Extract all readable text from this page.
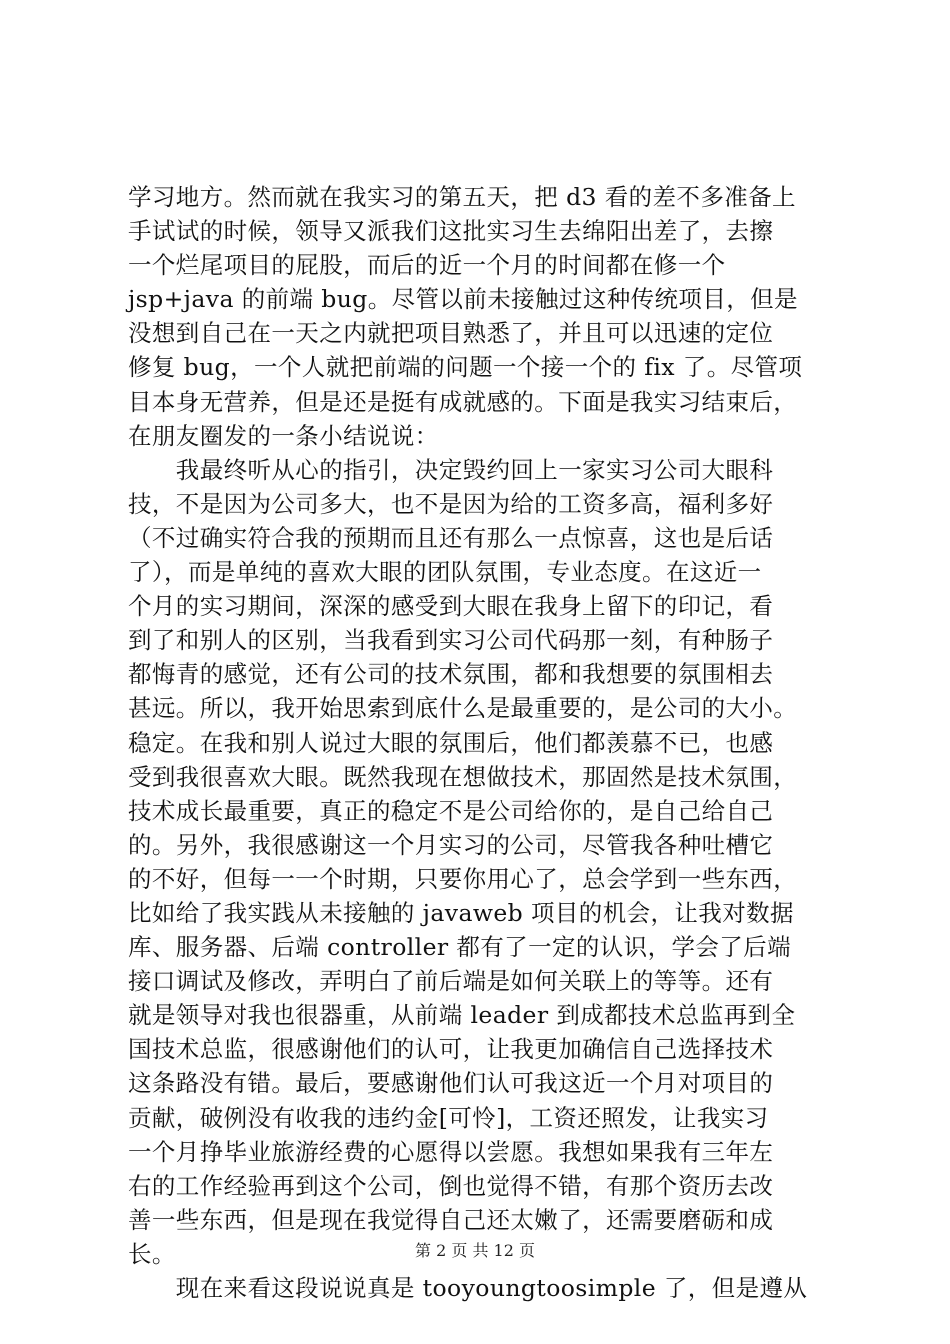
学习地方。然而就在我实习的第五天，把 d3 看的差不多准备上
手试试的时候，领导又派我们这批实习生去绵阳出差了，去擦
一个烂尾项目的屁股，而后的近一个月的时间都在修一个
jsp+java 的前端 bug。尽管以前未接触过这种传统项目，但是
没想到自己在一天之内就把项目熟悉了，并且可以迅速的定位
修复 bug，一个人就把前端的问题一个接一个的 fix 了。尽管项
目本身无营养，但是还是挺有成就感的。下面是我实习结束后，
在朋友圈发的一条小结说说：
　　我最终听从心的指引，决定毁约回上一家实习公司大眼科
技，不是因为公司多大，也不是因为给的工资多高，福利多好
（不过确实符合我的预期而且还有那么一点惊喜，这也是后话
了），而是单纯的喜欢大眼的团队氛围，专业态度。在这近一
个月的实习期间，深深的感受到大眼在我身上留下的印记，看
到了和别人的区别，当我看到实习公司代码那一刻，有种肠子
都悔青的感觉，还有公司的技术氛围，都和我想要的氛围相去
甚远。所以，我开始思索到底什么是最重要的，是公司的大小。
稳定。在我和别人说过大眼的氛围后，他们都羡慕不已，也感
受到我很喜欢大眼。既然我现在想做技术，那固然是技术氛围，
技术成长最重要，真正的稳定不是公司给你的，是自己给自己
的。另外，我很感谢这一个月实习的公司，尽管我各种吐槽它
的不好，但每一一个时期，只要你用心了，总会学到一些东西，
比如给了我实践从未接触的 javaweb 项目的机会，让我对数据
库、服务器、后端 controller 都有了一定的认识，学会了后端
接口调试及修改，弄明白了前后端是如何关联上的等等。还有
就是领导对我也很器重，从前端 leader 到成都技术总监再到全
国技术总监，很感谢他们的认可，让我更加确信自己选择技术
这条路没有错。最后，要感谢他们认可我这近一个月对项目的
贡献，破例没有收我的违约金[可怜]，工资还照发，让我实习
一个月挣毕业旅游经费的心愿得以尝愿。我想如果我有三年左
右的工作经验再到这个公司，倒也觉得不错，有那个资历去改
善一些东西，但是现在我觉得自己还太嫩了，还需要磨砺和成
长。
　　现在来看这段说说真是 tooyoungtoosimple 了，但是遵从
第 2 页 共 12 页
